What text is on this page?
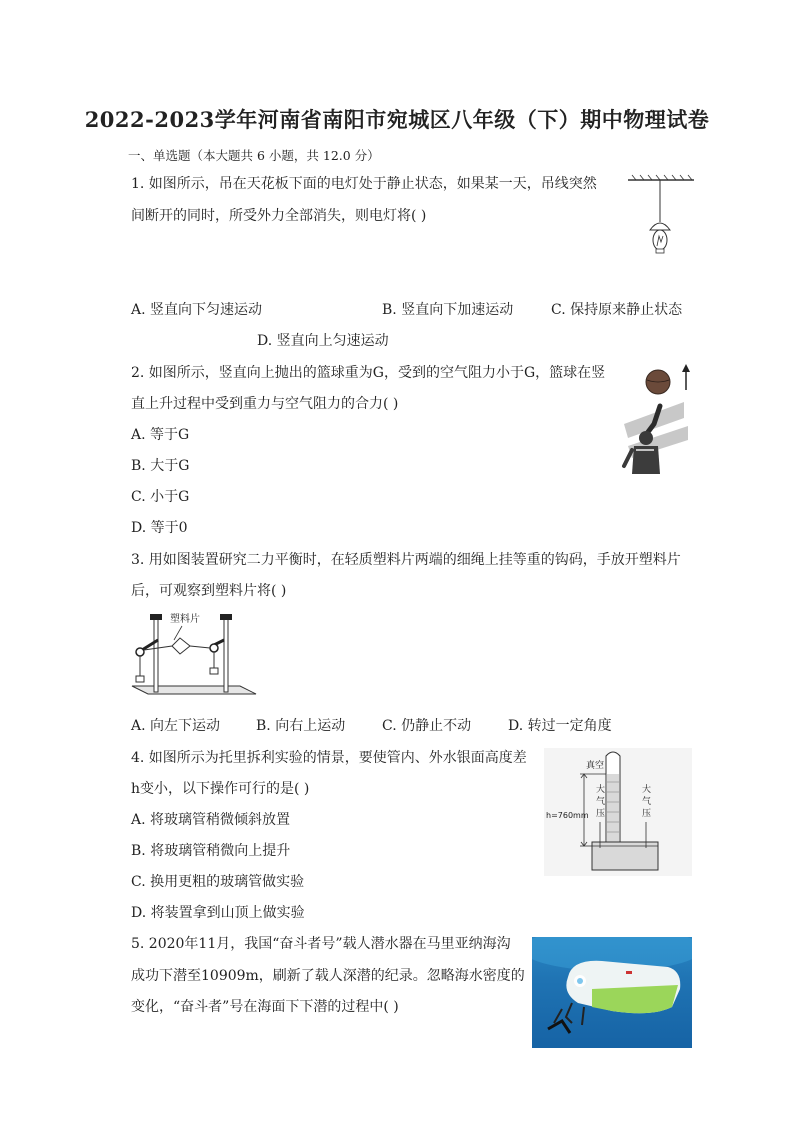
2022-2023学年河南省南阳市宛城区八年级（下）期中物理试卷
一、单选题（本大题共 6 小题，共 12.0 分）
1. 如图所示，吊在天花板下面的电灯处于静止状态，如果某一天，吊线突然
间断开的同时，所受外力全部消失，则电灯将( )
A. 竖直向下匀速运动	B. 竖直向下加速运动	C. 保持原来静止状态
D. 竖直向上匀速运动
2. 如图所示，竖直向上抛出的篮球重为G，受到的空气阻力小于G，篮球在竖
直上升过程中受到重力与空气阻力的合力( )
A. 等于G
B. 大于G
C. 小于G
D. 等于0
3. 用如图装置研究二力平衡时，在轻质塑料片两端的细绳上挂等重的钩码，手放开塑料片
后，可观察到塑料片将( )
塑料片
A. 向左下运动	B. 向右上运动	C. 仍静止不动	D. 转过一定角度
4. 如图所示为托里拆利实验的情景，要使管内、外水银面高度差
h变小，以下操作可行的是( )
真空
h=760mm
大
气
压
大
气
压
A. 将玻璃管稍微倾斜放置
B. 将玻璃管稍微向上提升
C. 换用更粗的玻璃管做实验
D. 将装置拿到山顶上做实验
5. 2020年11月，我国“奋斗者号”载人潜水器在马里亚纳海沟
成功下潜至10909m，刷新了载人深潜的纪录。忽略海水密度的
变化，“奋斗者”号在海面下下潜的过程中( )
